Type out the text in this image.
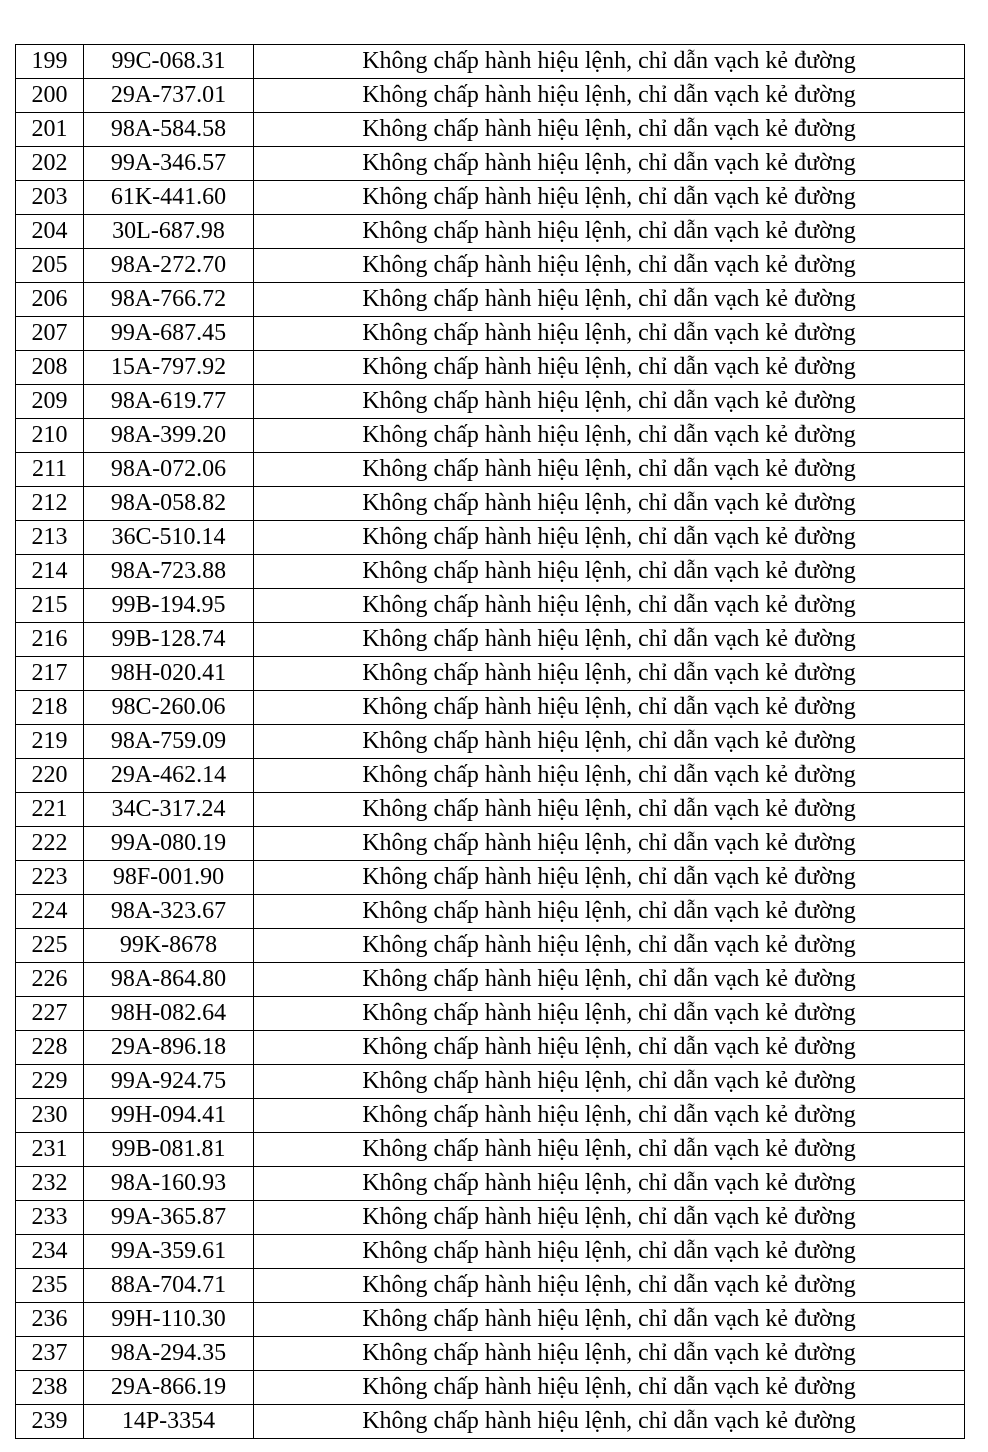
199	99C-068.31	Không chấp hành hiệu lệnh, chỉ dẫn vạch kẻ đường
200	29A-737.01	Không chấp hành hiệu lệnh, chỉ dẫn vạch kẻ đường
201	98A-584.58	Không chấp hành hiệu lệnh, chỉ dẫn vạch kẻ đường
202	99A-346.57	Không chấp hành hiệu lệnh, chỉ dẫn vạch kẻ đường
203	61K-441.60	Không chấp hành hiệu lệnh, chỉ dẫn vạch kẻ đường
204	30L-687.98	Không chấp hành hiệu lệnh, chỉ dẫn vạch kẻ đường
205	98A-272.70	Không chấp hành hiệu lệnh, chỉ dẫn vạch kẻ đường
206	98A-766.72	Không chấp hành hiệu lệnh, chỉ dẫn vạch kẻ đường
207	99A-687.45	Không chấp hành hiệu lệnh, chỉ dẫn vạch kẻ đường
208	15A-797.92	Không chấp hành hiệu lệnh, chỉ dẫn vạch kẻ đường
209	98A-619.77	Không chấp hành hiệu lệnh, chỉ dẫn vạch kẻ đường
210	98A-399.20	Không chấp hành hiệu lệnh, chỉ dẫn vạch kẻ đường
211	98A-072.06	Không chấp hành hiệu lệnh, chỉ dẫn vạch kẻ đường
212	98A-058.82	Không chấp hành hiệu lệnh, chỉ dẫn vạch kẻ đường
213	36C-510.14	Không chấp hành hiệu lệnh, chỉ dẫn vạch kẻ đường
214	98A-723.88	Không chấp hành hiệu lệnh, chỉ dẫn vạch kẻ đường
215	99B-194.95	Không chấp hành hiệu lệnh, chỉ dẫn vạch kẻ đường
216	99B-128.74	Không chấp hành hiệu lệnh, chỉ dẫn vạch kẻ đường
217	98H-020.41	Không chấp hành hiệu lệnh, chỉ dẫn vạch kẻ đường
218	98C-260.06	Không chấp hành hiệu lệnh, chỉ dẫn vạch kẻ đường
219	98A-759.09	Không chấp hành hiệu lệnh, chỉ dẫn vạch kẻ đường
220	29A-462.14	Không chấp hành hiệu lệnh, chỉ dẫn vạch kẻ đường
221	34C-317.24	Không chấp hành hiệu lệnh, chỉ dẫn vạch kẻ đường
222	99A-080.19	Không chấp hành hiệu lệnh, chỉ dẫn vạch kẻ đường
223	98F-001.90	Không chấp hành hiệu lệnh, chỉ dẫn vạch kẻ đường
224	98A-323.67	Không chấp hành hiệu lệnh, chỉ dẫn vạch kẻ đường
225	99K-8678	Không chấp hành hiệu lệnh, chỉ dẫn vạch kẻ đường
226	98A-864.80	Không chấp hành hiệu lệnh, chỉ dẫn vạch kẻ đường
227	98H-082.64	Không chấp hành hiệu lệnh, chỉ dẫn vạch kẻ đường
228	29A-896.18	Không chấp hành hiệu lệnh, chỉ dẫn vạch kẻ đường
229	99A-924.75	Không chấp hành hiệu lệnh, chỉ dẫn vạch kẻ đường
230	99H-094.41	Không chấp hành hiệu lệnh, chỉ dẫn vạch kẻ đường
231	99B-081.81	Không chấp hành hiệu lệnh, chỉ dẫn vạch kẻ đường
232	98A-160.93	Không chấp hành hiệu lệnh, chỉ dẫn vạch kẻ đường
233	99A-365.87	Không chấp hành hiệu lệnh, chỉ dẫn vạch kẻ đường
234	99A-359.61	Không chấp hành hiệu lệnh, chỉ dẫn vạch kẻ đường
235	88A-704.71	Không chấp hành hiệu lệnh, chỉ dẫn vạch kẻ đường
236	99H-110.30	Không chấp hành hiệu lệnh, chỉ dẫn vạch kẻ đường
237	98A-294.35	Không chấp hành hiệu lệnh, chỉ dẫn vạch kẻ đường
238	29A-866.19	Không chấp hành hiệu lệnh, chỉ dẫn vạch kẻ đường
239	14P-3354	Không chấp hành hiệu lệnh, chỉ dẫn vạch kẻ đường
